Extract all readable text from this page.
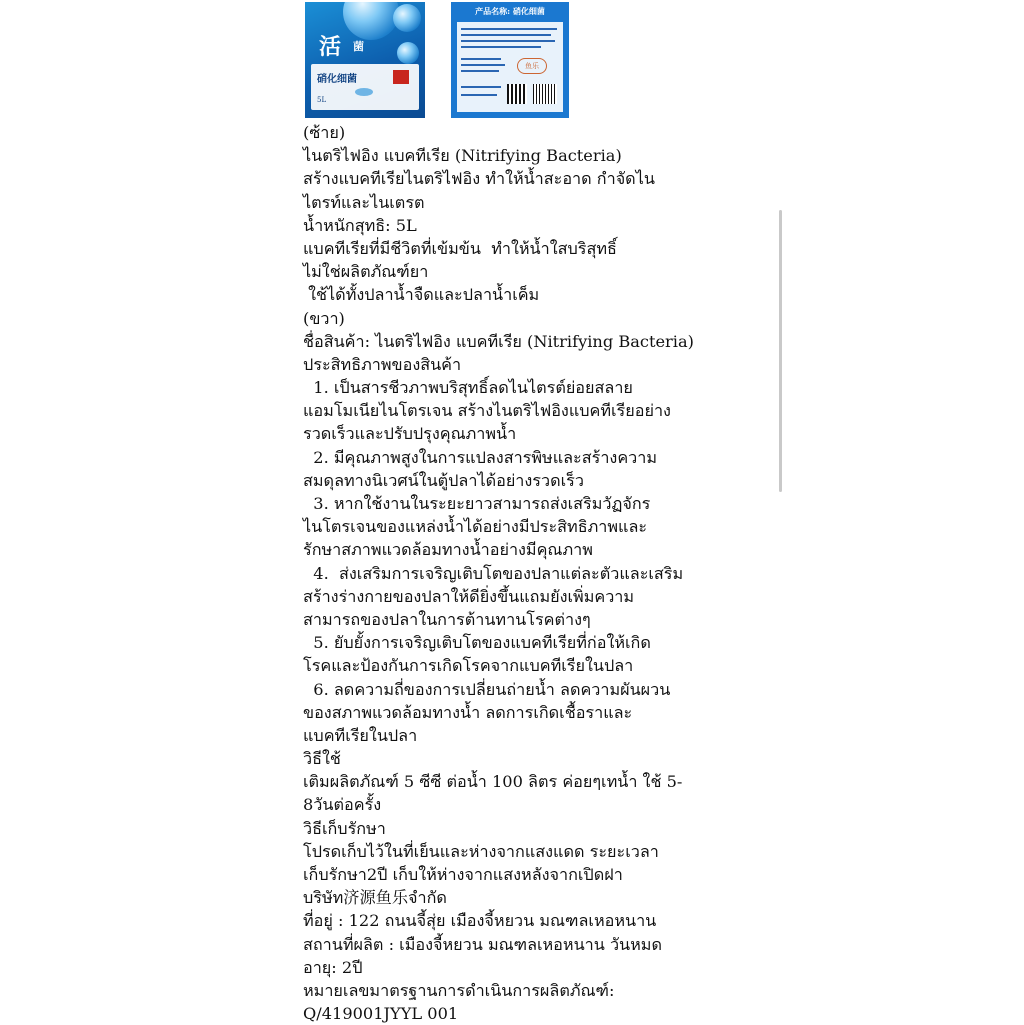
活 菌
硝化细菌
5L
产品名称: 硝化细菌
鱼乐
(ซ้าย)
ไนตริไฟอิง แบคทีเรีย (Nitrifying Bacteria)
สร้างแบคทีเรียไนตริไฟอิง ทำให้น้ำสะอาด กำจัดไน
ไตรท์และไนเตรต
น้ำหนักสุทธิ: 5L
แบคทีเรียที่มีชีวิตที่เข้มข้น  ทำให้น้ำใสบริสุทธิ์
ไม่ใช่ผลิตภัณฑ์ยา
ใช้ได้ทั้งปลาน้ำจืดและปลาน้ำเค็ม
(ขวา)
ชื่อสินค้า: ไนตริไฟอิง แบคทีเรีย (Nitrifying Bacteria)
ประสิทธิภาพของสินค้า
1. เป็นสารชีวภาพบริสุทธิ์ลดไนไตรต์ย่อยสลาย
แอมโมเนียไนโตรเจน สร้างไนตริไฟอิงแบคทีเรียอย่าง
รวดเร็วและปรับปรุงคุณภาพน้ำ
2. มีคุณภาพสูงในการแปลงสารพิษและสร้างความ
สมดุลทางนิเวศน์ในตู้ปลาได้อย่างรวดเร็ว
3. หากใช้งานในระยะยาวสามารถส่งเสริมวัฏจักร
ไนโตรเจนของแหล่งน้ำได้อย่างมีประสิทธิภาพและ
รักษาสภาพแวดล้อมทางน้ำอย่างมีคุณภาพ
4.  ส่งเสริมการเจริญเติบโตของปลาแต่ละตัวและเสริม
สร้างร่างกายของปลาให้ดียิ่งขึ้นแถมยังเพิ่มความ
สามารถของปลาในการต้านทานโรคต่างๆ
5. ยับยั้งการเจริญเติบโตของแบคทีเรียที่ก่อให้เกิด
โรคและป้องกันการเกิดโรคจากแบคทีเรียในปลา
6. ลดความถี่ของการเปลี่ยนถ่ายน้ำ ลดความผันผวน
ของสภาพแวดล้อมทางน้ำ ลดการเกิดเชื้อราและ
แบคทีเรียในปลา
วิธีใช้
เติมผลิตภัณฑ์ 5 ซีซี ต่อน้ำ 100 ลิตร ค่อยๆเทน้ำ ใช้ 5-
8วันต่อครั้ง
วิธีเก็บรักษา
โปรดเก็บไว้ในที่เย็นและห่างจากแสงแดด ระยะเวลา
เก็บรักษา2ปี เก็บให้ห่างจากแสงหลังจากเปิดฝา
บริษัท济源鱼乐จำกัด
ที่อยู่ : 122 ถนนจี้สุ่ย เมืองจี้หยวน มณฑลเหอหนาน
สถานที่ผลิต : เมืองจี้หยวน มณฑลเหอหนาน วันหมด
อายุ: 2ปี
หมายเลขมาตรฐานการดำเนินการผลิตภัณฑ์:
Q/419001JYYL 001
